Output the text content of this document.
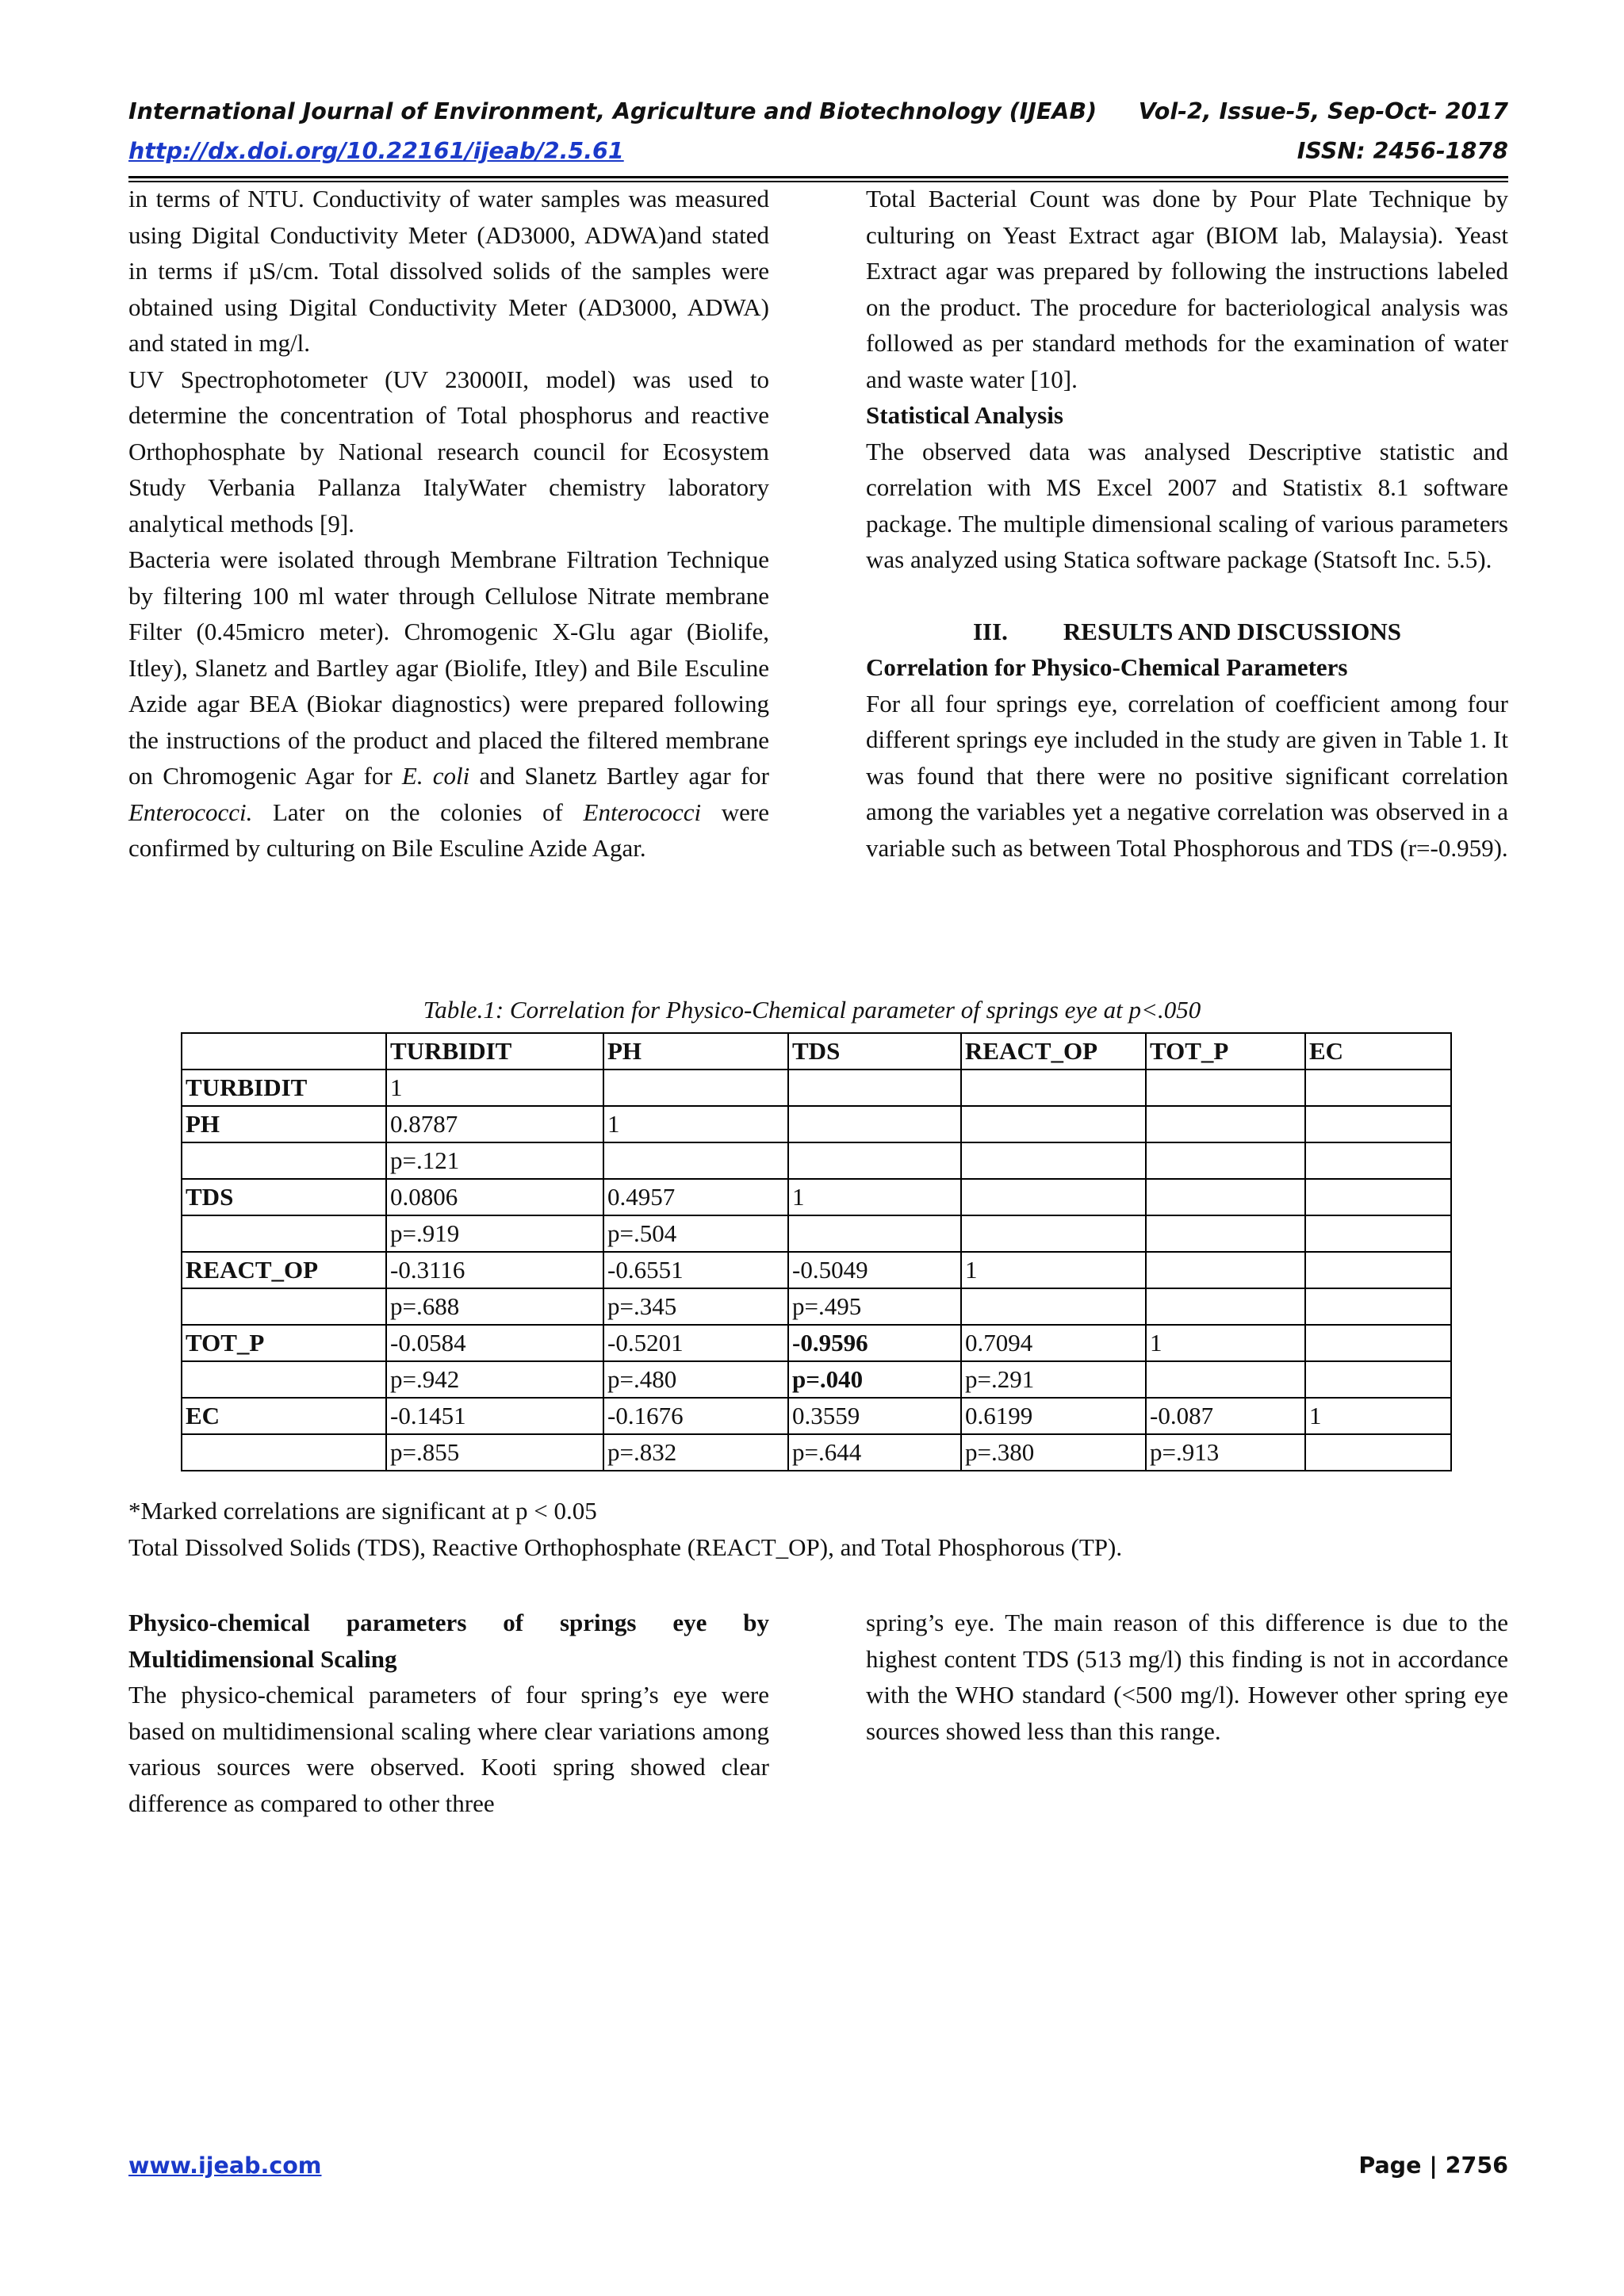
International Journal of Environment, Agriculture and Biotechnology (IJEAB) Vol-2, Issue-5, Sep-Oct- 2017
http://dx.doi.org/10.22161/ijeab/2.5.61	ISSN: 2456-1878

in terms of NTU. Conductivity of water samples was measured using Digital Conductivity Meter (AD3000, ADWA)and stated in terms if µS/cm. Total dissolved solids of the samples were obtained using Digital Conductivity Meter (AD3000, ADWA) and stated in mg/l.

UV Spectrophotometer (UV 23000II, model) was used to determine the concentration of Total phosphorus and reactive Orthophosphate by National research council for Ecosystem Study Verbania Pallanza ItalyWater chemistry laboratory analytical methods [9].

Bacteria were isolated through Membrane Filtration Technique by filtering 100 ml water through Cellulose Nitrate membrane Filter (0.45micro meter). Chromogenic X-Glu agar (Biolife, Itley), Slanetz and Bartley agar (Biolife, Itley) and Bile Esculine Azide agar BEA (Biokar diagnostics) were prepared following the instructions of the product and placed the filtered membrane on Chromogenic Agar for E. coli and Slanetz Bartley agar for Enterococci. Later on the colonies of Enterococci were confirmed by culturing on Bile Esculine Azide Agar.

Total Bacterial Count was done by Pour Plate Technique by culturing on Yeast Extract agar (BIOM lab, Malaysia). Yeast Extract agar was prepared by following the instructions labeled on the product. The procedure for bacteriological analysis was followed as per standard methods for the examination of water and waste water [10].

Statistical Analysis

The observed data was analysed Descriptive statistic and correlation with MS Excel 2007 and Statistix 8.1 software package. The multiple dimensional scaling of various parameters was analyzed using Statica software package (Statsoft Inc. 5.5).

III. RESULTS AND DISCUSSIONS

Correlation for Physico-Chemical Parameters

For all four springs eye, correlation of coefficient among four different springs eye included in the study are given in Table 1. It was found that there were no positive significant correlation among the variables yet a negative correlation was observed in a variable such as between Total Phosphorous and TDS (r=-0.959).

Table.1: Correlation for Physico-Chemical parameter of springs eye at p<.050
	TURBIDIT	PH	TDS	REACT_OP	TOT_P	EC
TURBIDIT	1					
PH	0.8787	1				
	p=.121					
TDS	0.0806	0.4957	1			
	p=.919	p=.504				
REACT_OP	-0.3116	-0.6551	-0.5049	1		
	p=.688	p=.345	p=.495			
TOT_P	-0.0584	-0.5201	-0.9596	0.7094	1	
	p=.942	p=.480	p=.040	p=.291		
EC	-0.1451	-0.1676	0.3559	0.6199	-0.087	1
	p=.855	p=.832	p=.644	p=.380	p=.913	
*Marked correlations are significant at p < 0.05
Total Dissolved Solids (TDS), Reactive Orthophosphate (REACT_OP), and Total Phosphorous (TP).

Physico-chemical parameters of springs eye by

Multidimensional Scaling

The physico-chemical parameters of four spring’s eye were based on multidimensional scaling where clear variations among various sources were observed. Kooti spring showed clear difference as compared to other three

spring’s eye. The main reason of this difference is due to the highest content TDS (513 mg/l) this finding is not in accordance with the WHO standard (<500 mg/l). However other spring eye sources showed less than this range.

www.ijeab.com	Page | 2756
